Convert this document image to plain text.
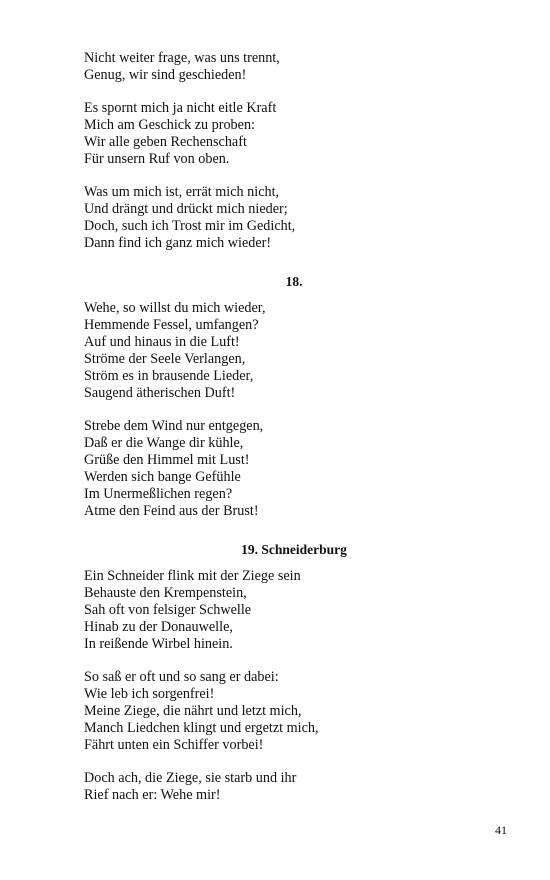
Nicht weiter frage, was uns trennt,
Genug, wir sind geschieden!
Es spornt mich ja nicht eitle Kraft
Mich am Geschick zu proben:
Wir alle geben Rechenschaft
Für unsern Ruf von oben.
Was um mich ist, errät mich nicht,
Und drängt und drückt mich nieder;
Doch, such ich Trost mir im Gedicht,
Dann find ich ganz mich wieder!
18.
Wehe, so willst du mich wieder,
Hemmende Fessel, umfangen?
Auf und hinaus in die Luft!
Ströme der Seele Verlangen,
Ström es in brausende Lieder,
Saugend ätherischen Duft!
Strebe dem Wind nur entgegen,
Daß er die Wange dir kühle,
Grüße den Himmel mit Lust!
Werden sich bange Gefühle
Im Unermeßlichen regen?
Atme den Feind aus der Brust!
19. Schneiderburg
Ein Schneider flink mit der Ziege sein
Behauste den Krempenstein,
Sah oft von felsiger Schwelle
Hinab zu der Donauwelle,
In reißende Wirbel hinein.
So saß er oft und so sang er dabei:
Wie leb ich sorgenfrei!
Meine Ziege, die nährt und letzt mich,
Manch Liedchen klingt und ergetzt mich,
Fährt unten ein Schiffer vorbei!
Doch ach, die Ziege, sie starb und ihr
Rief nach er: Wehe mir!
41
